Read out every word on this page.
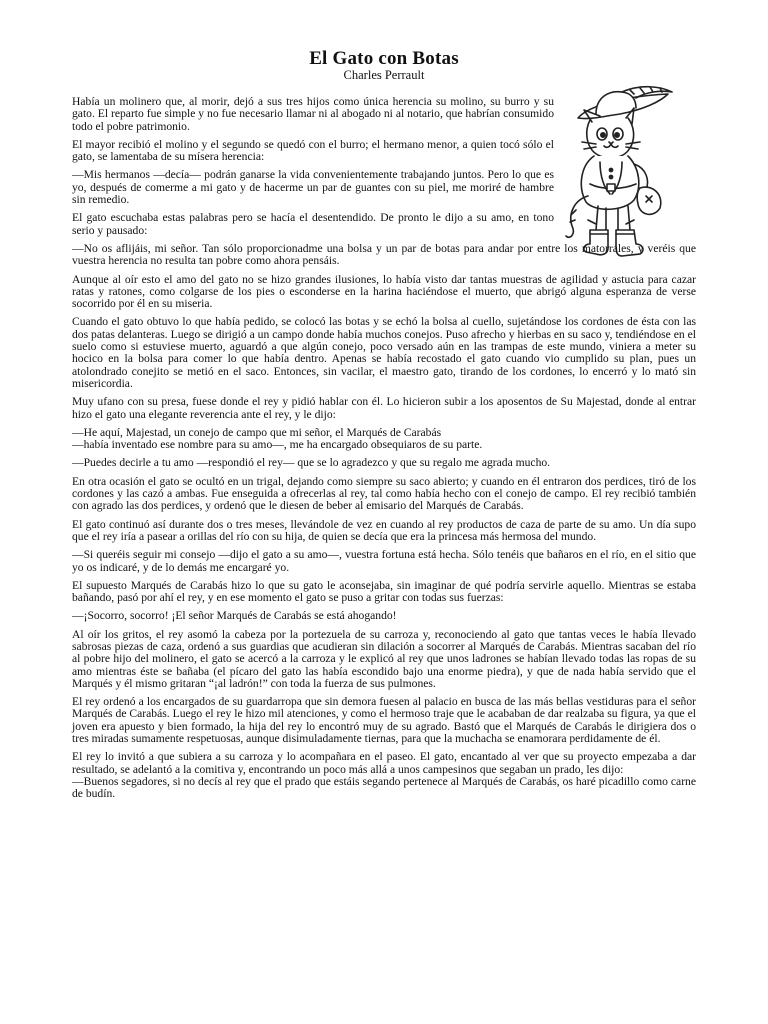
El Gato con Botas
Charles Perrault

Había un molinero que, al morir, dejó a sus tres hijos como única herencia su molino, su burro y su gato. El reparto fue simple y no fue necesario llamar ni al abogado ni al notario, que habrían consumido todo el pobre patrimonio.

El mayor recibió el molino y el segundo se quedó con el burro; el hermano menor, a quien tocó sólo el gato, se lamentaba de su mísera herencia:

—Mis hermanos —decía— podrán ganarse la vida convenientemente trabajando juntos. Pero lo que es yo, después de comerme a mi gato y de hacerme un par de guantes con su piel, me moriré de hambre sin remedio.

El gato escuchaba estas palabras pero se hacía el desentendido. De pronto le dijo a su amo, en tono serio y pausado:

—No os aflijáis, mi señor. Tan sólo proporcionadme una bolsa y un par de botas para andar por entre los matorrales, y veréis que vuestra herencia no resulta tan pobre como ahora pensáis.

Aunque al oír esto el amo del gato no se hizo grandes ilusiones, lo había visto dar tantas muestras de agilidad y astucia para cazar ratas y ratones, como colgarse de los pies o esconderse en la harina haciéndose el muerto, que abrigó alguna esperanza de verse socorrido por él en su miseria.

Cuando el gato obtuvo lo que había pedido, se colocó las botas y se echó la bolsa al cuello, sujetándose los cordones de ésta con las dos patas delanteras. Luego se dirigió a un campo donde había muchos conejos. Puso afrecho y hierbas en su saco y, tendiéndose en el suelo como si estuviese muerto, aguardó a que algún conejo, poco versado aún en las trampas de este mundo, viniera a meter su hocico en la bolsa para comer lo que había dentro. Apenas se había recostado el gato cuando vio cumplido su plan, pues un atolondrado conejito se metió en el saco. Entonces, sin vacilar, el maestro gato, tirando de los cordones, lo encerró y lo mató sin misericordia.

Muy ufano con su presa, fuese donde el rey y pidió hablar con él. Lo hicieron subir a los aposentos de Su Majestad, donde al entrar hizo el gato una elegante reverencia ante el rey, y le dijo:

—He aquí, Majestad, un conejo de campo que mi señor, el Marqués de Carabás

—había inventado ese nombre para su amo—, me ha encargado obsequiaros de su parte.

—Puedes decirle a tu amo —respondió el rey— que se lo agradezco y que su regalo me agrada mucho.

En otra ocasión el gato se ocultó en un trigal, dejando como siempre su saco abierto; y cuando en él entraron dos perdices, tiró de los cordones y las cazó a ambas. Fue enseguida a ofrecerlas al rey, tal como había hecho con el conejo de campo. El rey recibió también con agrado las dos perdices, y ordenó que le diesen de beber al emisario del Marqués de Carabás.

El gato continuó así durante dos o tres meses, llevándole de vez en cuando al rey productos de caza de parte de su amo. Un día supo que el rey iría a pasear a orillas del río con su hija, de quien se decía que era la princesa más hermosa del mundo.

—Si queréis seguir mi consejo —dijo el gato a su amo—, vuestra fortuna está hecha. Sólo tenéis que bañaros en el río, en el sitio que yo os indicaré, y de lo demás me encargaré yo.

El supuesto Marqués de Carabás hizo lo que su gato le aconsejaba, sin imaginar de qué podría servirle aquello. Mientras se estaba bañando, pasó por ahí el rey, y en ese momento el gato se puso a gritar con todas sus fuerzas:

—¡Socorro, socorro! ¡El señor Marqués de Carabás se está ahogando!

Al oír los gritos, el rey asomó la cabeza por la portezuela de su carroza y, reconociendo al gato que tantas veces le había llevado sabrosas piezas de caza, ordenó a sus guardias que acudieran sin dilación a socorrer al Marqués de Carabás. Mientras sacaban del río al pobre hijo del molinero, el gato se acercó a la carroza y le explicó al rey que unos ladrones se habían llevado todas las ropas de su amo mientras éste se bañaba (el pícaro del gato las había escondido bajo una enorme piedra), y que de nada había servido que el Marqués y él mismo gritaran “¡al ladrón!” con toda la fuerza de sus pulmones.

El rey ordenó a los encargados de su guardarropa que sin demora fuesen al palacio en busca de las más bellas vestiduras para el señor Marqués de Carabás. Luego el rey le hizo mil atenciones, y como el hermoso traje que le acababan de dar realzaba su figura, ya que el joven era apuesto y bien formado, la hija del rey lo encontró muy de su agrado. Bastó que el Marqués de Carabás le dirigiera dos o tres miradas sumamente respetuosas, aunque disimuladamente tiernas, para que la muchacha se enamorara perdidamente de él.

El rey lo invitó a que subiera a su carroza y lo acompañara en el paseo. El gato, encantado al ver que su proyecto empezaba a dar resultado, se adelantó a la comitiva y, encontrando un poco más allá a unos campesinos que segaban un prado, les dijo:

—Buenos segadores, si no decís al rey que el prado que estáis segando pertenece al Marqués de Carabás, os haré picadillo como carne de budín.
